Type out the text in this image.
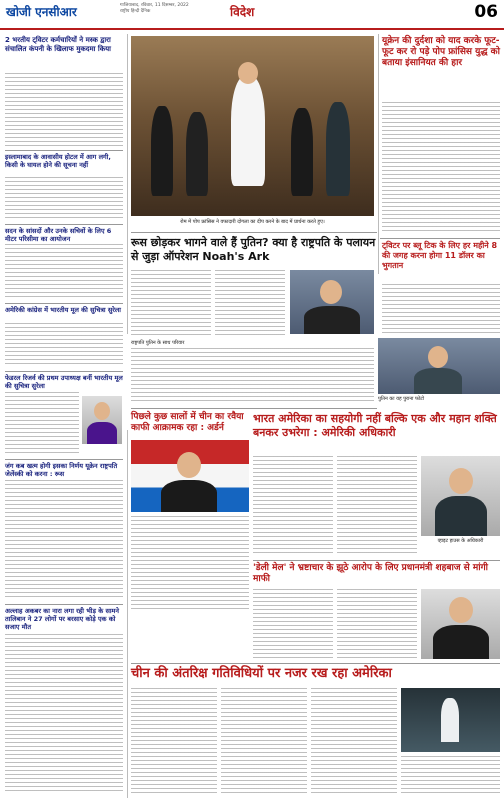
खोजी एनसीआर	गाजियाबाद, रविवार, 11 दिसम्बर, 2022
राष्ट्रीय हिन्दी दैनिक	विदेश	06
2 भरतीय ट्विटर कर्मचारियों ने मस्क द्वारा संचालित कंपनी के खिलाफ मुकदमा किया
इस्लामाबाद के आवासीय होटल में आग लगी, किसी के घायल होने की सूचना नहीं
सदन के सांसदों और उनके सचिवों के लिए 6 मीटर परिसीमा का आयोजन
अमेरिकी कांग्रेस में भारतीय मूल की सुचित्रा सुरेला
फेडरल रिजर्व की प्रथम उपाध्यक्ष बनीं भारतीय मूल की सुचित्रा सुरेला
जंग कब खत्म होगी इसका निर्णय यूक्रेन राष्ट्रपति जेलेंस्की को करना : रूस
अल्लाह अकबर का नारा लगा रही भीड़ के सामने तालिबान ने 27 लोगों पर बरसाए कोड़े एक को सजाए मौत
रोम में पोप फ्रांसिस ने वफादारी दोगला का दीप करने के बाद में प्रार्थना करते हुए।
यूक्रेन की दुर्दशा को याद करके फूट-फूट कर रो पड़े पोप फ्रांसिस युद्ध को बताया इंसानियत की हार
ट्विटर पर ब्लू टिक के लिए हर महीने 8 की जगह करना होगा 11 डॉलर का भुगतान
रूस छोड़कर भागने वाले हैं पुतिन? क्या है राष्ट्रपति के पलायन से जुड़ा ऑपरेशन Noah's Ark
राष्ट्रपति पुतिन के साथ परिवार
पुतिन का यह पुराना फोटो
पिछले कुछ सालों में चीन का रवैया काफी आक्रामक रहा : अर्डर्न
भारत अमेरिका का सहयोगी नहीं बल्कि एक और महान शक्ति बनकर उभरेगा : अमेरिकी अधिकारी
व्हाइट हाउस के अधिकारी
'डेली मेल' ने भ्रष्टाचार के झूठे आरोप के लिए प्रधानमंत्री शहबाज से मांगी माफी
चीन की अंतरिक्ष गतिविधियों पर नजर रख रहा अमेरिका
